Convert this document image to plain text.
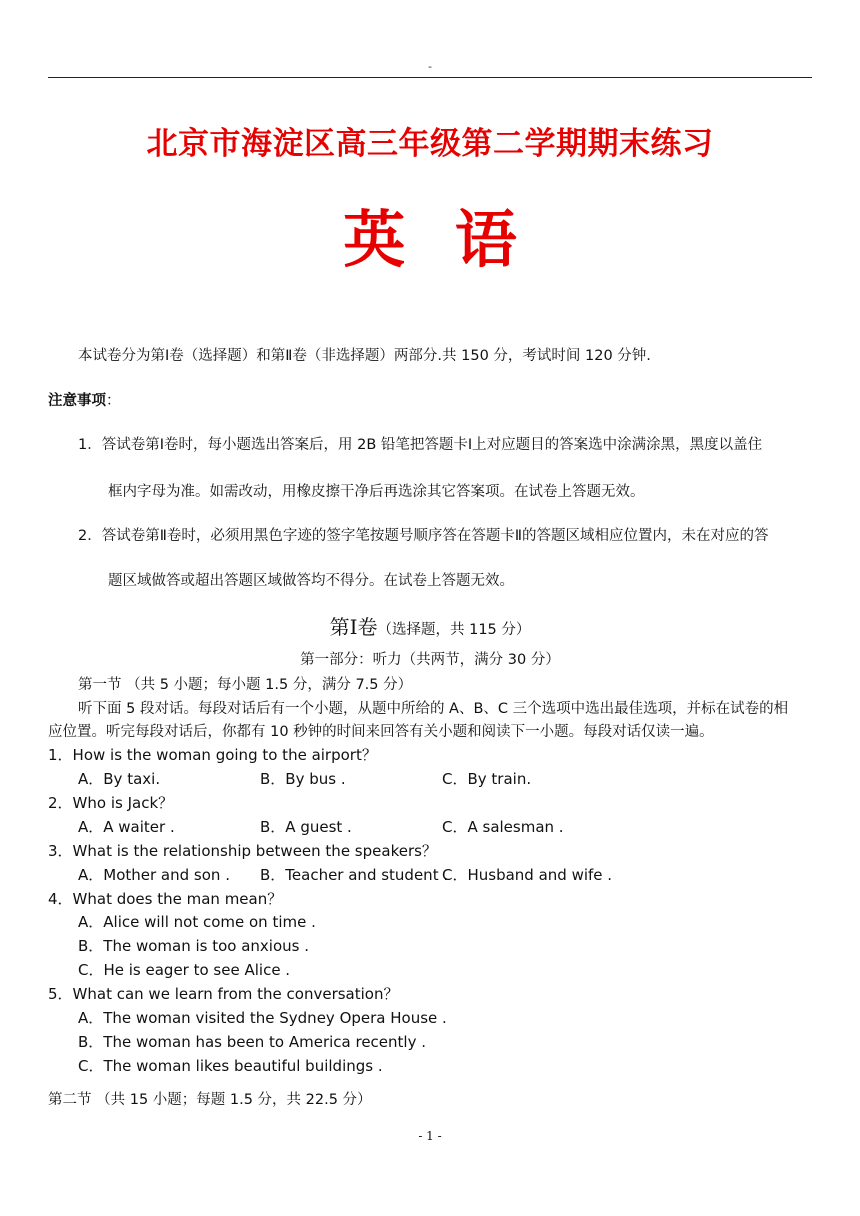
-
北京市海淀区高三年级第二学期期末练习
英 语
本试卷分为第Ⅰ卷（选择题）和第Ⅱ卷（非选择题）两部分.共 150 分，考试时间 120 分钟.
注意事项：
1．答试卷第Ⅰ卷时，每小题选出答案后，用 2B 铅笔把答题卡Ⅰ上对应题目的答案选中涂满涂黑，黑度以盖住
框内字母为准。如需改动，用橡皮擦干净后再选涂其它答案项。在试卷上答题无效。
2．答试卷第Ⅱ卷时，必须用黑色字迹的签字笔按题号顺序答在答题卡Ⅱ的答题区域相应位置内，未在对应的答
题区域做答或超出答题区域做答均不得分。在试卷上答题无效。
第Ⅰ卷（选择题，共 115 分）
第一部分：听力（共两节，满分 30 分）
第一节 （共 5 小题；每小题 1.5 分，满分 7.5 分）
听下面 5 段对话。每段对话后有一个小题，从题中所给的 A、B、C 三个选项中选出最佳选项，并标在试卷的相
应位置。听完每段对话后，你都有 10 秒钟的时间来回答有关小题和阅读下一小题。每段对话仅读一遍。
1．How is the woman going to the airport？
A．By taxi.	B．By bus .	C．By train.
2．Who is Jack？
A．A waiter .	B．A guest .	C．A salesman .
3．What is the relationship between the speakers？
A．Mother and son . B．Teacher and student .
C．Husband and wife .
4．What does the man mean？
A．Alice will not come on time .
B．The woman is too anxious .
C．He is eager to see Alice .
5．What can we learn from the conversation？
A．The woman visited the Sydney Opera House .
B．The woman has been to America recently .
C．The woman likes beautiful buildings .
第二节 （共 15 小题；每题 1.5 分，共 22.5 分）
- 1 -
